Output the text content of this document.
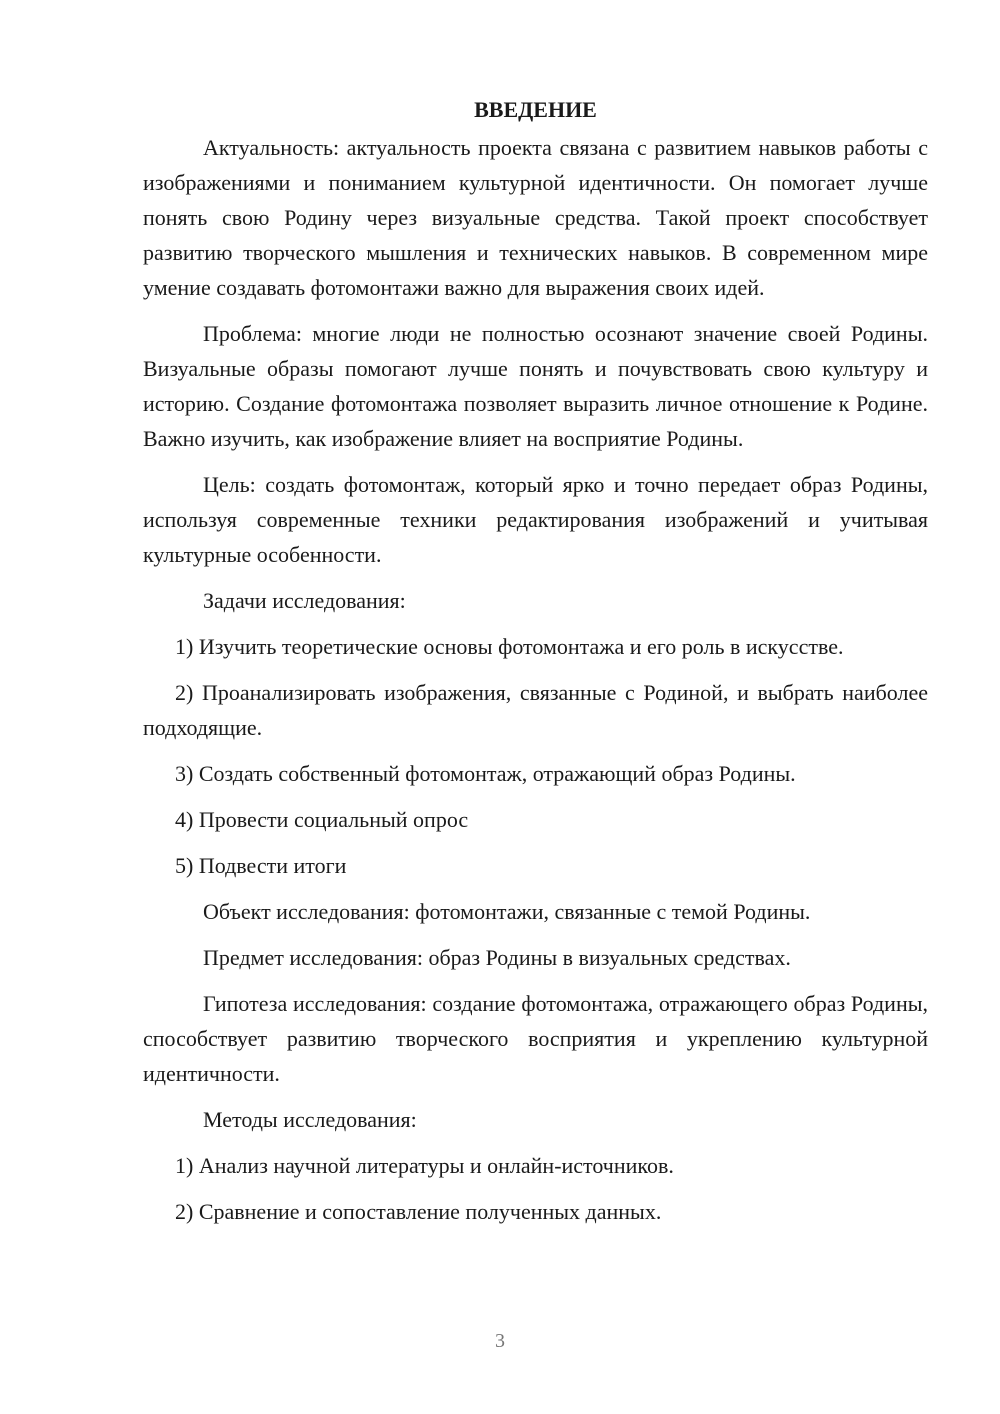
ВВЕДЕНИЕ

Актуальность: актуальность проекта связана с развитием навыков работы с изображениями и пониманием культурной идентичности. Он помогает лучше понять свою Родину через визуальные средства. Такой проект способствует развитию творческого мышления и технических навыков. В современном мире умение создавать фотомонтажи важно для выражения своих идей.

Проблема: многие люди не полностью осознают значение своей Родины. Визуальные образы помогают лучше понять и почувствовать свою культуру и историю. Создание фотомонтажа позволяет выразить личное отношение к Родине. Важно изучить, как изображение влияет на восприятие Родины.

Цель: создать фотомонтаж, который ярко и точно передает образ Родины, используя современные техники редактирования изображений и учитывая культурные особенности.

Задачи исследования:

1) Изучить теоретические основы фотомонтажа и его роль в искусстве.

2) Проанализировать изображения, связанные с Родиной, и выбрать наиболее подходящие.

3) Создать собственный фотомонтаж, отражающий образ Родины.

4) Провести социальный опрос

5) Подвести итоги

Объект исследования: фотомонтажи, связанные с темой Родины.

Предмет исследования: образ Родины в визуальных средствах.

Гипотеза исследования: создание фотомонтажа, отражающего образ Родины, способствует развитию творческого восприятия и укреплению культурной идентичности.

Методы исследования:

1) Анализ научной литературы и онлайн-источников.

2) Сравнение и сопоставление полученных данных.

3
